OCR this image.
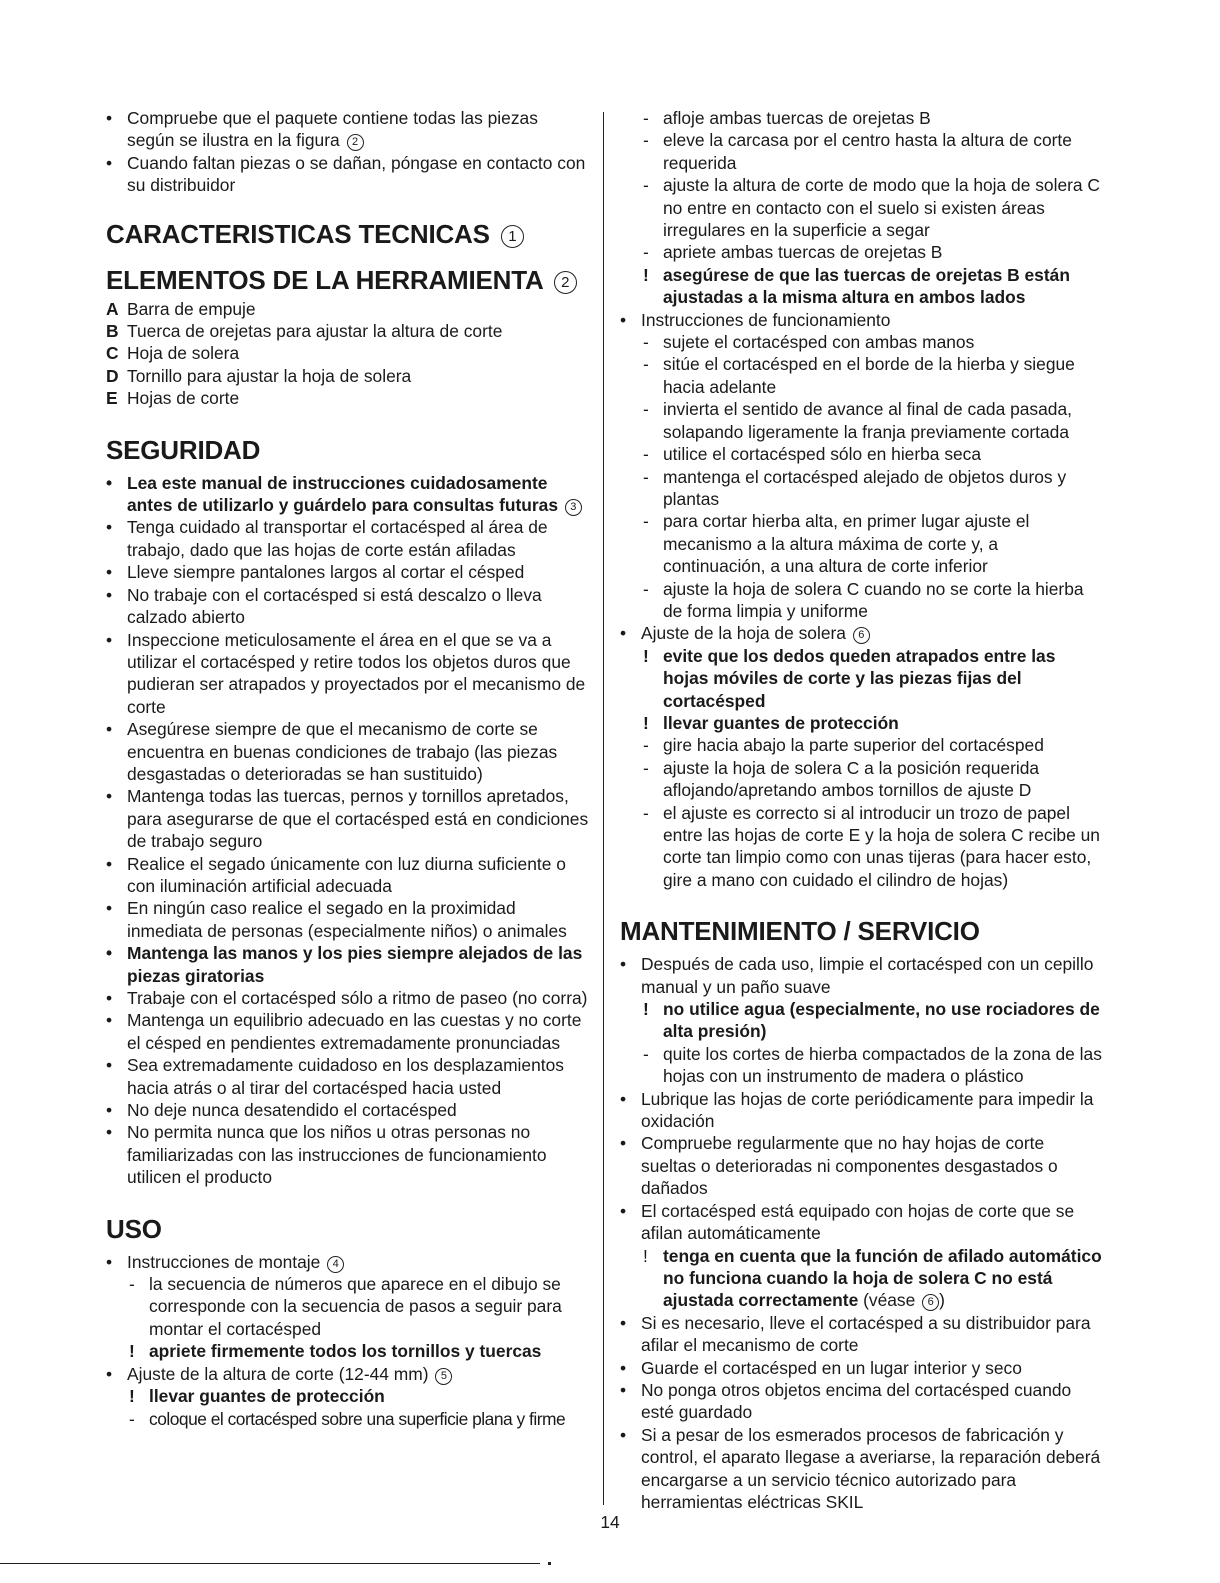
• Compruebe que el paquete contiene todas las piezas según se ilustra en la figura 2

• Cuando faltan piezas o se dañan, póngase en contacto con su distribuidor

CARACTERISTICAS TECNICAS 1
ELEMENTOS DE LA HERRAMIENTA 2

A Barra de empuje

B Tuerca de orejetas para ajustar la altura de corte

C Hoja de solera

D Tornillo para ajustar la hoja de solera

E Hojas de corte

SEGURIDAD

• Lea este manual de instrucciones cuidadosamente antes de utilizarlo y guárdelo para consultas futuras 3

• Tenga cuidado al transportar el cortacésped al área de trabajo, dado que las hojas de corte están afiladas

• Lleve siempre pantalones largos al cortar el césped

• No trabaje con el cortacésped si está descalzo o lleva calzado abierto

• Inspeccione meticulosamente el área en el que se va a utilizar el cortacésped y retire todos los objetos duros que pudieran ser atrapados y proyectados por el mecanismo de corte

• Asegúrese siempre de que el mecanismo de corte se encuentra en buenas condiciones de trabajo (las piezas desgastadas o deterioradas se han sustituido)

• Mantenga todas las tuercas, pernos y tornillos apretados, para asegurarse de que el cortacésped está en condiciones de trabajo seguro

• Realice el segado únicamente con luz diurna suficiente o con iluminación artificial adecuada

• En ningún caso realice el segado en la proximidad inmediata de personas (especialmente niños) o animales

• Mantenga las manos y los pies siempre alejados de las piezas giratorias

• Trabaje con el cortacésped sólo a ritmo de paseo (no corra)

• Mantenga un equilibrio adecuado en las cuestas y no corte el césped en pendientes extremadamente pronunciadas

• Sea extremadamente cuidadoso en los desplazamientos hacia atrás o al tirar del cortacésped hacia usted

• No deje nunca desatendido el cortacésped

• No permita nunca que los niños u otras personas no familiarizadas con las instrucciones de funcionamiento utilicen el producto

USO

• Instrucciones de montaje 4

- la secuencia de números que aparece en el dibujo se corresponde con la secuencia de pasos a seguir para montar el cortacésped

! apriete firmemente todos los tornillos y tuercas

• Ajuste de la altura de corte (12-44 mm) 5

! llevar guantes de protección

- coloque el cortacésped sobre una superficie plana y firme

- afloje ambas tuercas de orejetas B

- eleve la carcasa por el centro hasta la altura de corte requerida

- ajuste la altura de corte de modo que la hoja de solera C no entre en contacto con el suelo si existen áreas irregulares en la superficie a segar

- apriete ambas tuercas de orejetas B

! asegúrese de que las tuercas de orejetas B están ajustadas a la misma altura en ambos lados

• Instrucciones de funcionamiento

- sujete el cortacésped con ambas manos

- sitúe el cortacésped en el borde de la hierba y siegue hacia adelante

- invierta el sentido de avance al final de cada pasada, solapando ligeramente la franja previamente cortada

- utilice el cortacésped sólo en hierba seca

- mantenga el cortacésped alejado de objetos duros y plantas

- para cortar hierba alta, en primer lugar ajuste el mecanismo a la altura máxima de corte y, a continuación, a una altura de corte inferior

- ajuste la hoja de solera C cuando no se corte la hierba de forma limpia y uniforme

• Ajuste de la hoja de solera 6

! evite que los dedos queden atrapados entre las hojas móviles de corte y las piezas fijas del cortacésped

! llevar guantes de protección

- gire hacia abajo la parte superior del cortacésped

- ajuste la hoja de solera C a la posición requerida aflojando/apretando ambos tornillos de ajuste D

- el ajuste es correcto si al introducir un trozo de papel entre las hojas de corte E y la hoja de solera C recibe un corte tan limpio como con unas tijeras (para hacer esto, gire a mano con cuidado el cilindro de hojas)

MANTENIMIENTO / SERVICIO

• Después de cada uso, limpie el cortacésped con un cepillo manual y un paño suave

! no utilice agua (especialmente, no use rociadores de alta presión)

- quite los cortes de hierba compactados de la zona de las hojas con un instrumento de madera o plástico

• Lubrique las hojas de corte periódicamente para impedir la oxidación

• Compruebe regularmente que no hay hojas de corte sueltas o deterioradas ni componentes desgastados o dañados

• El cortacésped está equipado con hojas de corte que se afilan automáticamente

! tenga en cuenta que la función de afilado automático no funciona cuando la hoja de solera C no está ajustada correctamente (véase 6 )

• Si es necesario, lleve el cortacésped a su distribuidor para afilar el mecanismo de corte

• Guarde el cortacésped en un lugar interior y seco

• No ponga otros objetos encima del cortacésped cuando esté guardado

• Si a pesar de los esmerados procesos de fabricación y control, el aparato llegase a averiarse, la reparación deberá encargarse a un servicio técnico autorizado para herramientas eléctricas SKIL

14
